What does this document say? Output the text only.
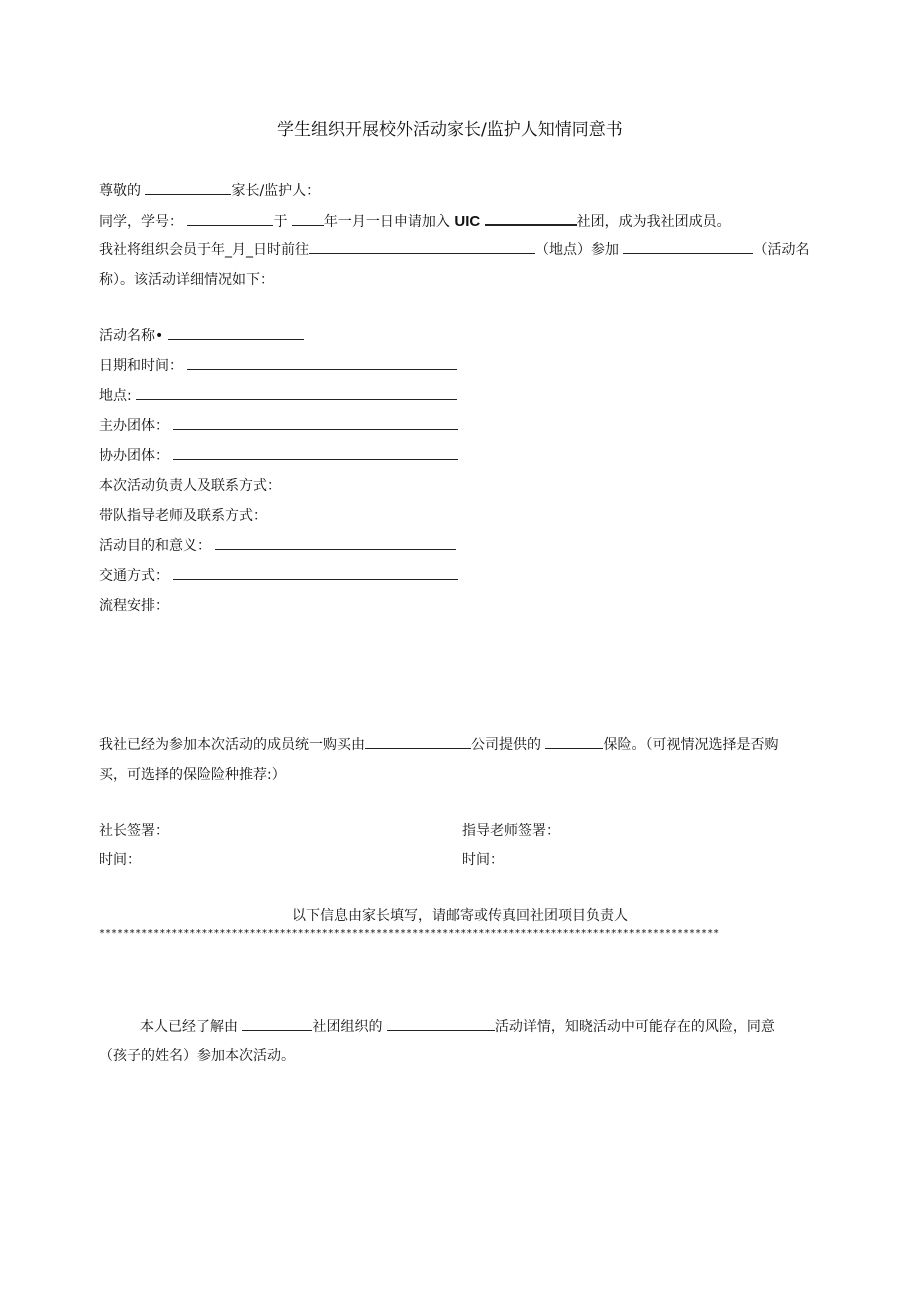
学生组织开展校外活动家长/监护人知情同意书
尊敬的	家长/监护人：
同学，学号：	于	年一月一日申请加入 UIC	社团，成为我社团成员。
我社将组织会员于年_月_日时前往	（地点）参加	（活动名
称）。该活动详细情况如下：
活动名称•
日期和时间：
地点:
主办团体：
协办团体：
本次活动负责人及联系方式：
带队指导老师及联系方式：
活动目的和意义：
交通方式：
流程安排：
我社已经为参加本次活动的成员统一购买由	公司提供的	保险。（可视情况选择是否购
买，可选择的保险险种推荐:）
社长签署：	指导老师签署：
时间：	时间：
以下信息由家长填写，请邮寄或传真回社团项目负责人
*******************************************************************************************************
本人已经了解由	社团组织的	活动详情，知晓活动中可能存在的风险，同意
（孩子的姓名）参加本次活动。
